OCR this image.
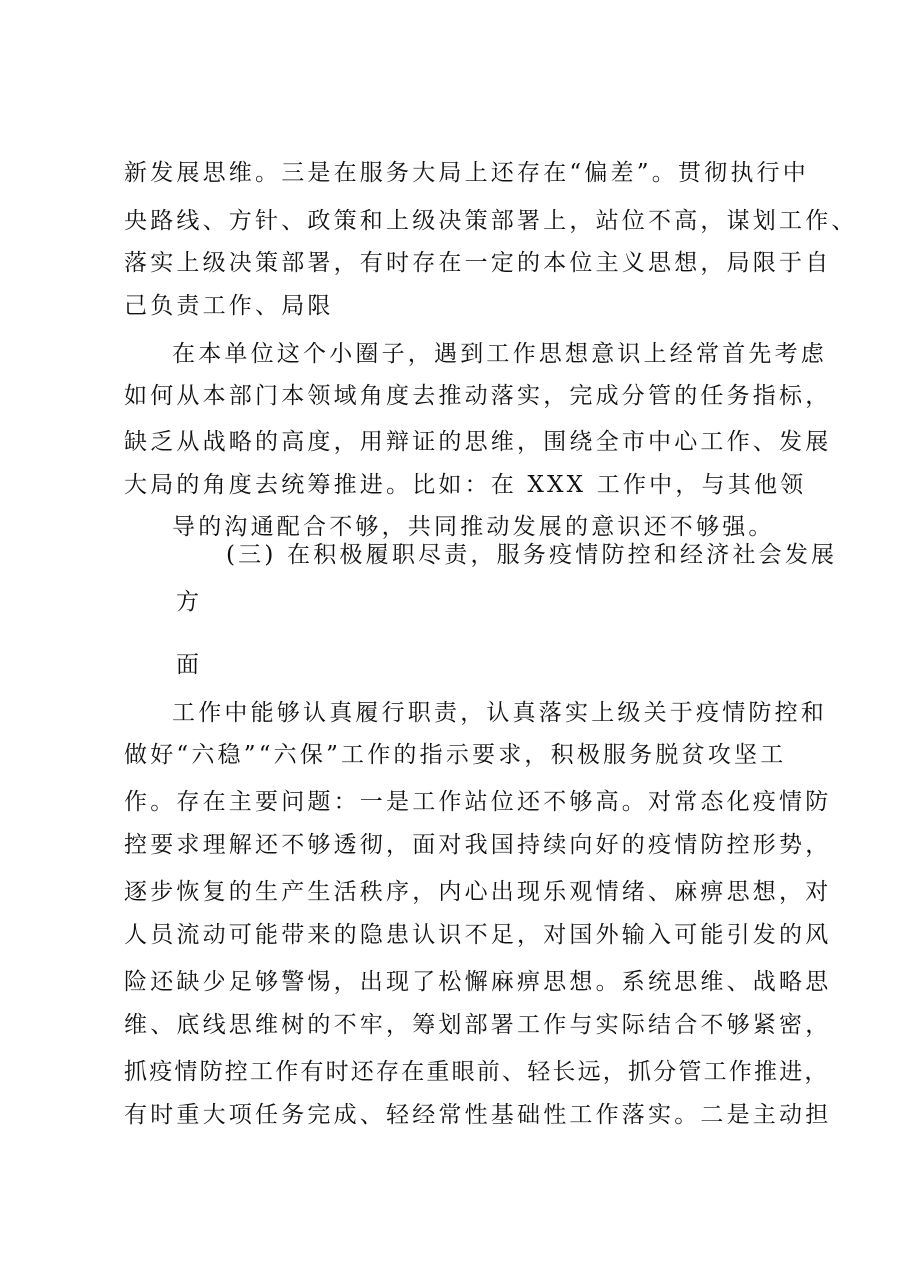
新发展思维。三是在服务大局上还存在“偏差”。贯彻执行中
央路线、方针、政策和上级决策部署上，站位不高，谋划工作、
落实上级决策部署，有时存在一定的本位主义思想，局限于自
己负责工作、局限
在本单位这个小圈子，遇到工作思想意识上经常首先考虑
如何从本部门本领域角度去推动落实，完成分管的任务指标，
缺乏从战略的高度，用辩证的思维，围绕全市中心工作、发展
大局的角度去统筹推进。比如：在 XXX 工作中，与其他领
导的沟通配合不够，共同推动发展的意识还不够强。
(三) 在积极履职尽责，服务疫情防控和经济社会发展
方
面
工作中能够认真履行职责，认真落实上级关于疫情防控和
做好“六稳”“六保”工作的指示要求，积极服务脱贫攻坚工
作。存在主要问题：一是工作站位还不够高。对常态化疫情防
控要求理解还不够透彻，面对我国持续向好的疫情防控形势，
逐步恢复的生产生活秩序，内心出现乐观情绪、麻痹思想，对
人员流动可能带来的隐患认识不足，对国外输入可能引发的风
险还缺少足够警惕，出现了松懈麻痹思想。系统思维、战略思
维、底线思维树的不牢，筹划部署工作与实际结合不够紧密，
抓疫情防控工作有时还存在重眼前、轻长远，抓分管工作推进，
有时重大项任务完成、轻经常性基础性工作落实。二是主动担
